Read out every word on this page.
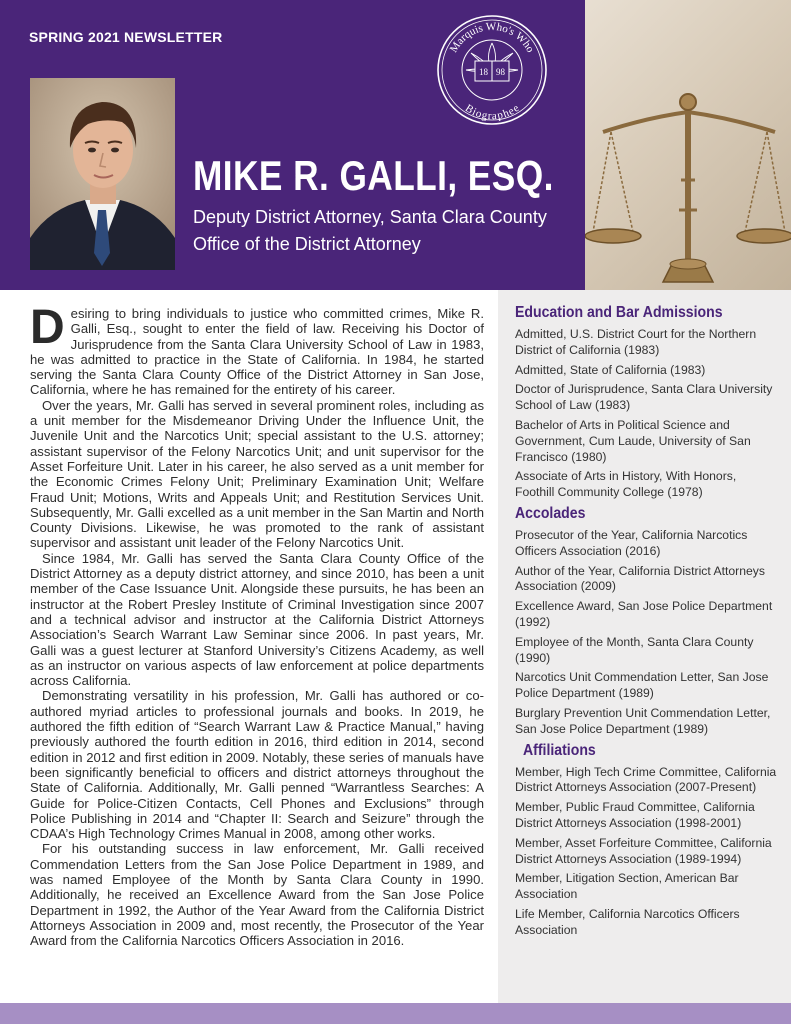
SPRING 2021 NEWSLETTER
MIKE R. GALLI, ESQ.
Deputy District Attorney, Santa Clara County
Office of the District Attorney
18 98
Marquis Who's Who
Biographee

Desiring to bring individuals to justice who committed crimes, Mike R. Galli, Esq., sought to enter the field of law. Receiving his Doctor of Jurisprudence from the Santa Clara University School of Law in 1983, he was admitted to practice in the State of California. In 1984, he started serving the Santa Clara County Office of the District Attorney in San Jose, California, where he has remained for the entirety of his career.

Over the years, Mr. Galli has served in several prominent roles, including as a unit member for the Misdemeanor Driving Under the Influence Unit, the Juvenile Unit and the Narcotics Unit; special assistant to the U.S. attorney; assistant supervisor of the Felony Narcotics Unit; and unit supervisor for the Asset Forfeiture Unit. Later in his career, he also served as a unit member for the Economic Crimes Felony Unit; Preliminary Examination Unit; Welfare Fraud Unit; Motions, Writs and Appeals Unit; and Restitution Services Unit. Subsequently, Mr. Galli excelled as a unit member in the San Martin and North County Divisions. Likewise, he was promoted to the rank of assistant supervisor and assistant unit leader of the Felony Narcotics Unit.

Since 1984, Mr. Galli has served the Santa Clara County Office of the District Attorney as a deputy district attorney, and since 2010, has been a unit member of the Case Issuance Unit. Alongside these pursuits, he has been an instructor at the Robert Presley Institute of Criminal Investigation since 2007 and a technical advisor and instructor at the California District Attorneys Association’s Search Warrant Law Seminar since 2006. In past years, Mr. Galli was a guest lecturer at Stanford University’s Citizens Academy, as well as an instructor on various aspects of law enforcement at police departments across California.

Demonstrating versatility in his profession, Mr. Galli has authored or co-authored myriad articles to professional journals and books. In 2019, he authored the fifth edition of “Search Warrant Law & Practice Manual,” having previously authored the fourth edition in 2016, third edition in 2014, second edition in 2012 and first edition in 2009. Notably, these series of manuals have been significantly beneficial to officers and district attorneys throughout the State of California. Additionally, Mr. Galli penned “Warrantless Searches: A Guide for Police-Citizen Contacts, Cell Phones and Exclusions” through Police Publishing in 2014 and “Chapter II: Search and Seizure” through the CDAA’s High Technology Crimes Manual in 2008, among other works.

For his outstanding success in law enforcement, Mr. Galli received Commendation Letters from the San Jose Police Department in 1989, and was named Employee of the Month by Santa Clara County in 1990. Additionally, he received an Excellence Award from the San Jose Police Department in 1992, the Author of the Year Award from the California District Attorneys Association in 2009 and, most recently, the Prosecutor of the Year Award from the California Narcotics Officers Association in 2016.

Education and Bar Admissions
Admitted, U.S. District Court for the Northern District of California (1983)
Admitted, State of California (1983)
Doctor of Jurisprudence, Santa Clara University School of Law (1983)
Bachelor of Arts in Political Science and Government, Cum Laude, University of San Francisco (1980)
Associate of Arts in History, With Honors, Foothill Community College (1978)
Accolades
Prosecutor of the Year, California Narcotics Officers Association (2016)
Author of the Year, California District Attorneys Association (2009)
Excellence Award, San Jose Police Department (1992)
Employee of the Month, Santa Clara County (1990)
Narcotics Unit Commendation Letter, San Jose Police Department (1989)
Burglary Prevention Unit Commendation Letter, San Jose Police Department (1989)
Affiliations
Member, High Tech Crime Committee, California District Attorneys Association (2007-Present)
Member, Public Fraud Committee, California District Attorneys Association (1998-2001)
Member, Asset Forfeiture Committee, California District Attorneys Association (1989-1994)
Member, Litigation Section, American Bar Association
Life Member, California Narcotics Officers Association
